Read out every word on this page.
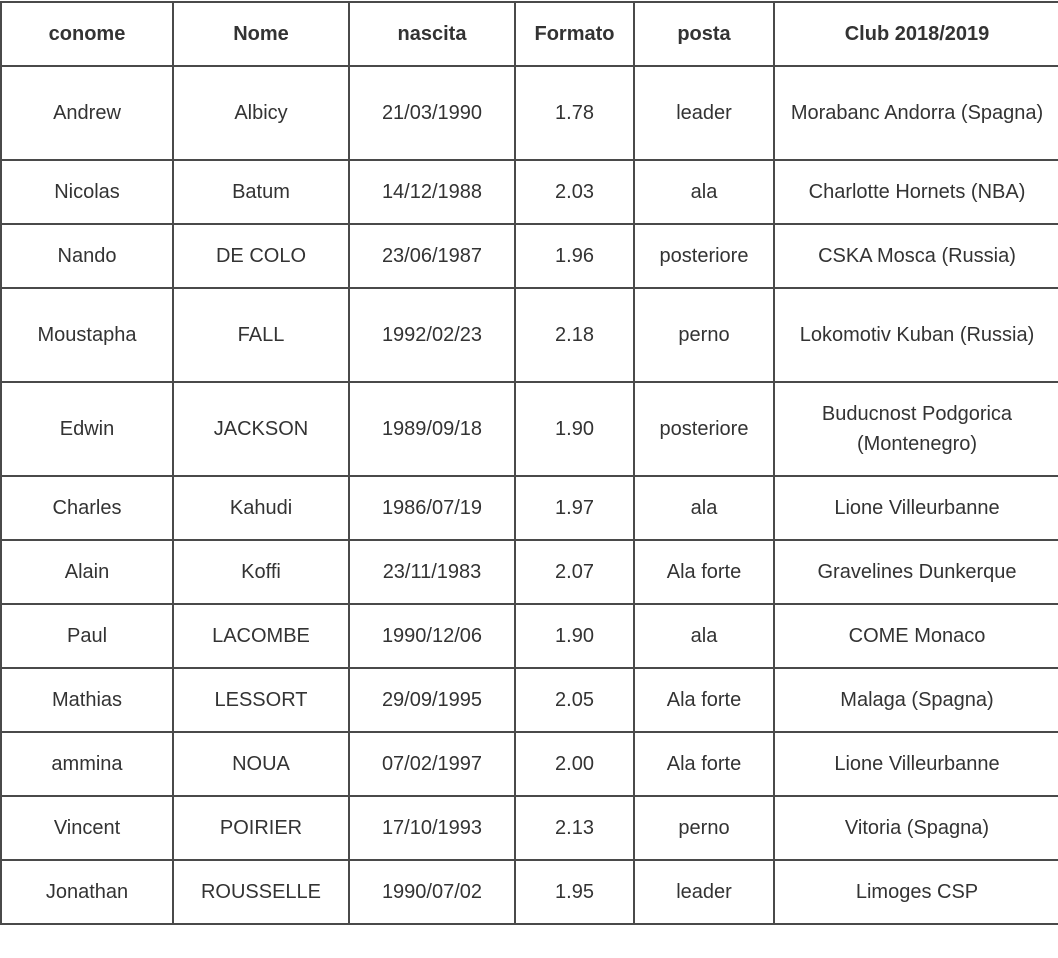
conome	Nome	nascita	Formato	posta	Club 2018/2019
Andrew	Albicy	21/03/1990	1.78	leader	Morabanc Andorra (Spagna)
Nicolas	Batum	14/12/1988	2.03	ala	Charlotte Hornets (NBA)
Nando	DE COLO	23/06/1987	1.96	posteriore	CSKA Mosca (Russia)
Moustapha	FALL	1992/02/23	2.18	perno	Lokomotiv Kuban (Russia)
Edwin	JACKSON	1989/09/18	1.90	posteriore	Buducnost Podgorica (Montenegro)
Charles	Kahudi	1986/07/19	1.97	ala	Lione Villeurbanne
Alain	Koffi	23/11/1983	2.07	Ala forte	Gravelines Dunkerque
Paul	LACOMBE	1990/12/06	1.90	ala	COME Monaco
Mathias	LESSORT	29/09/1995	2.05	Ala forte	Malaga (Spagna)
ammina	NOUA	07/02/1997	2.00	Ala forte	Lione Villeurbanne
Vincent	POIRIER	17/10/1993	2.13	perno	Vitoria (Spagna)
Jonathan	ROUSSELLE	1990/07/02	1.95	leader	Limoges CSP
